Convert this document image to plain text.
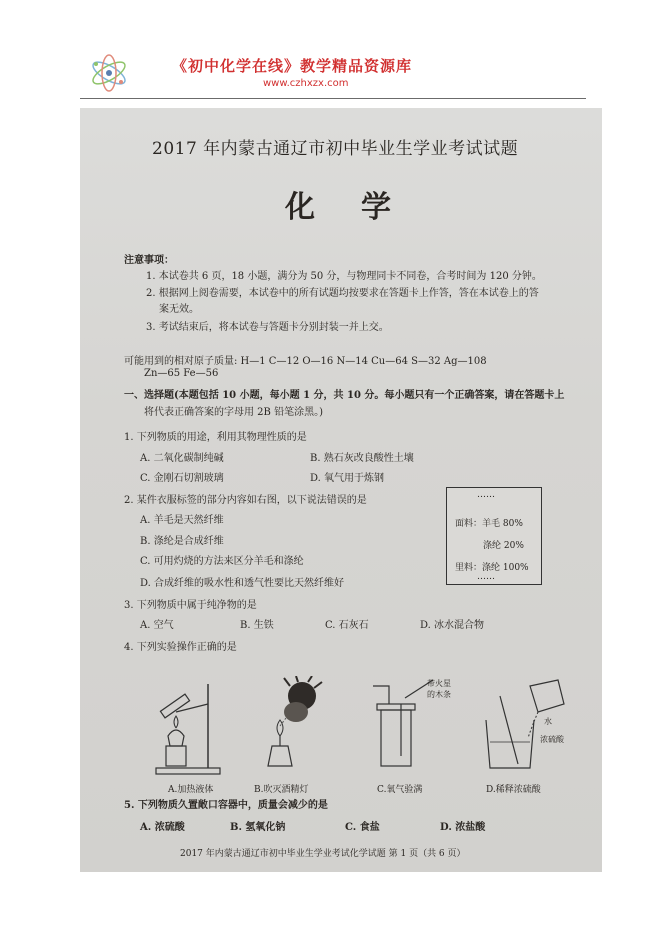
《初中化学在线》教学精品资源库
www.czhxzx.com
2017 年内蒙古通辽市初中毕业生学业考试试题
化学
注意事项：
1. 本试卷共 6 页，18 小题，满分为 50 分，与物理同卡不同卷，合考时间为 120 分钟。
2. 根据网上阅卷需要，本试卷中的所有试题均按要求在答题卡上作答，答在本试卷上的答
案无效。
3. 考试结束后，将本试卷与答题卡分别封装一并上交。
可能用到的相对原子质量: H—1 C—12 O—16 N—14 Cu—64 S—32 Ag—108
Zn—65 Fe—56
一、选择题(本题包括 10 小题，每小题 1 分，共 10 分。每小题只有一个正确答案，请在答题卡上
将代表正确答案的字母用 2B 铅笔涂黑。)
1. 下列物质的用途，利用其物理性质的是
A. 二氧化碳制纯碱	B. 熟石灰改良酸性土壤
C. 金刚石切割玻璃	D. 氧气用于炼钢
2. 某件衣服标签的部分内容如右图，以下说法错误的是
A. 羊毛是天然纤维
B. 涤纶是合成纤维
C. 可用灼烧的方法来区分羊毛和涤纶
D. 合成纤维的吸水性和透气性要比天然纤维好
……
面料：羊毛 80%
涤纶 20%
里料：涤纶 100%
……
3. 下列物质中属于纯净物的是
A. 空气	B. 生铁	C. 石灰石	D. 冰水混合物
4. 下列实验操作正确的是
A.加热液体	B.吹灭酒精灯
带火星
的木条
C.氧气验满
水
浓硫酸
D.稀释浓硫酸
5. 下列物质久置敞口容器中，质量会减少的是
A. 浓硫酸	B. 氢氧化钠	C. 食盐	D. 浓盐酸
2017 年内蒙古通辽市初中毕业生学业考试化学试题 第 1 页（共 6 页）
